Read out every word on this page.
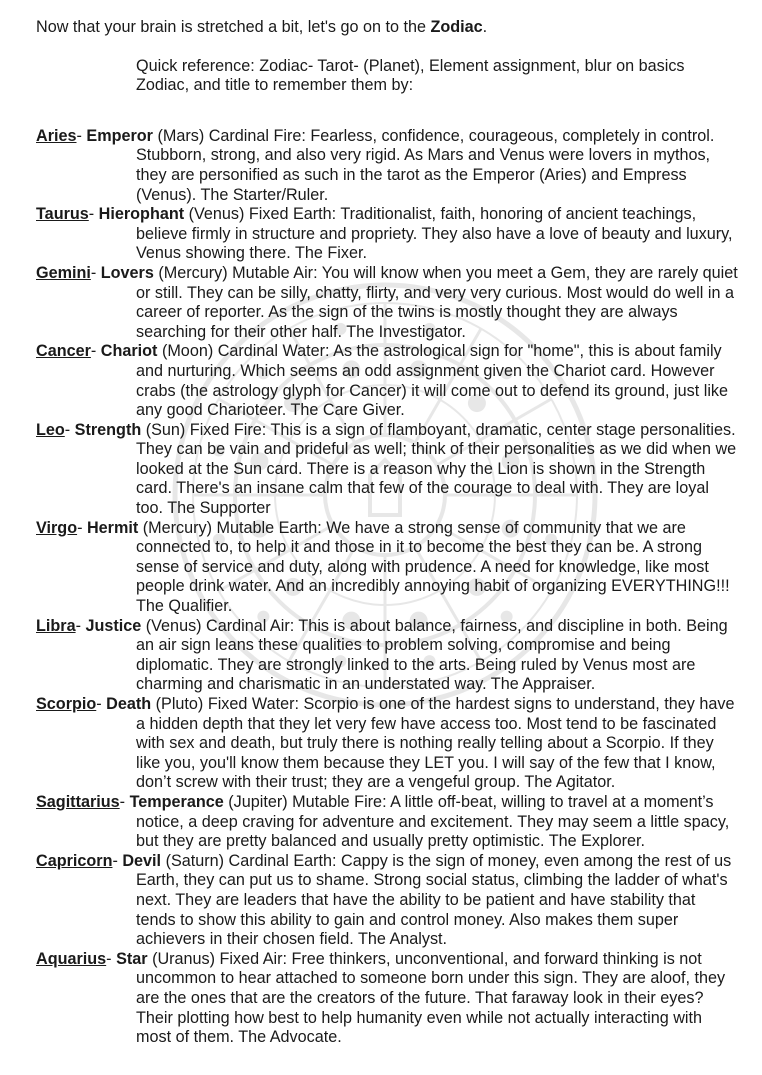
Now that your brain is stretched a bit, let's go on to the Zodiac.

Quick reference: Zodiac- Tarot- (Planet), Element assignment, blur on basics Zodiac, and title to remember them by:

Aries- Emperor (Mars) Cardinal Fire: Fearless, confidence, courageous, completely in control. Stubborn, strong, and also very rigid. As Mars and Venus were lovers in mythos, they are personified as such in the tarot as the Emperor (Aries) and Empress (Venus). The Starter/Ruler.

Taurus- Hierophant (Venus) Fixed Earth: Traditionalist, faith, honoring of ancient teachings, believe firmly in structure and propriety. They also have a love of beauty and luxury, Venus showing there. The Fixer.

Gemini- Lovers (Mercury) Mutable Air: You will know when you meet a Gem, they are rarely quiet or still. They can be silly, chatty, flirty, and very very curious. Most would do well in a career of reporter. As the sign of the twins is mostly thought they are always searching for their other half. The Investigator.

Cancer- Chariot (Moon) Cardinal Water: As the astrological sign for "home", this is about family and nurturing. Which seems an odd assignment given the Chariot card. However crabs (the astrology glyph for Cancer) it will come out to defend its ground, just like any good Charioteer. The Care Giver.

Leo- Strength (Sun) Fixed Fire: This is a sign of flamboyant, dramatic, center stage personalities. They can be vain and prideful as well; think of their personalities as we did when we looked at the Sun card. There is a reason why the Lion is shown in the Strength card. There's an insane calm that few of the courage to deal with. They are loyal too. The Supporter

Virgo- Hermit (Mercury) Mutable Earth: We have a strong sense of community that we are connected to, to help it and those in it to become the best they can be. A strong sense of service and duty, along with prudence. A need for knowledge, like most people drink water. And an incredibly annoying habit of organizing EVERYTHING!!! The Qualifier.

Libra- Justice (Venus) Cardinal Air: This is about balance, fairness, and discipline in both. Being an air sign leans these qualities to problem solving, compromise and being diplomatic. They are strongly linked to the arts. Being ruled by Venus most are charming and charismatic in an understated way. The Appraiser.

Scorpio- Death (Pluto) Fixed Water: Scorpio is one of the hardest signs to understand, they have a hidden depth that they let very few have access too. Most tend to be fascinated with sex and death, but truly there is nothing really telling about a Scorpio. If they like you, you'll know them because they LET you. I will say of the few that I know, don’t screw with their trust; they are a vengeful group. The Agitator.

Sagittarius- Temperance (Jupiter) Mutable Fire: A little off-beat, willing to travel at a moment’s notice, a deep craving for adventure and excitement. They may seem a little spacy, but they are pretty balanced and usually pretty optimistic. The Explorer.

Capricorn- Devil (Saturn) Cardinal Earth: Cappy is the sign of money, even among the rest of us Earth, they can put us to shame. Strong social status, climbing the ladder of what's next. They are leaders that have the ability to be patient and have stability that tends to show this ability to gain and control money. Also makes them super achievers in their chosen field. The Analyst.

Aquarius- Star (Uranus) Fixed Air: Free thinkers, unconventional, and forward thinking is not uncommon to hear attached to someone born under this sign. They are aloof, they are the ones that are the creators of the future. That faraway look in their eyes? Their plotting how best to help humanity even while not actually interacting with most of them. The Advocate.
